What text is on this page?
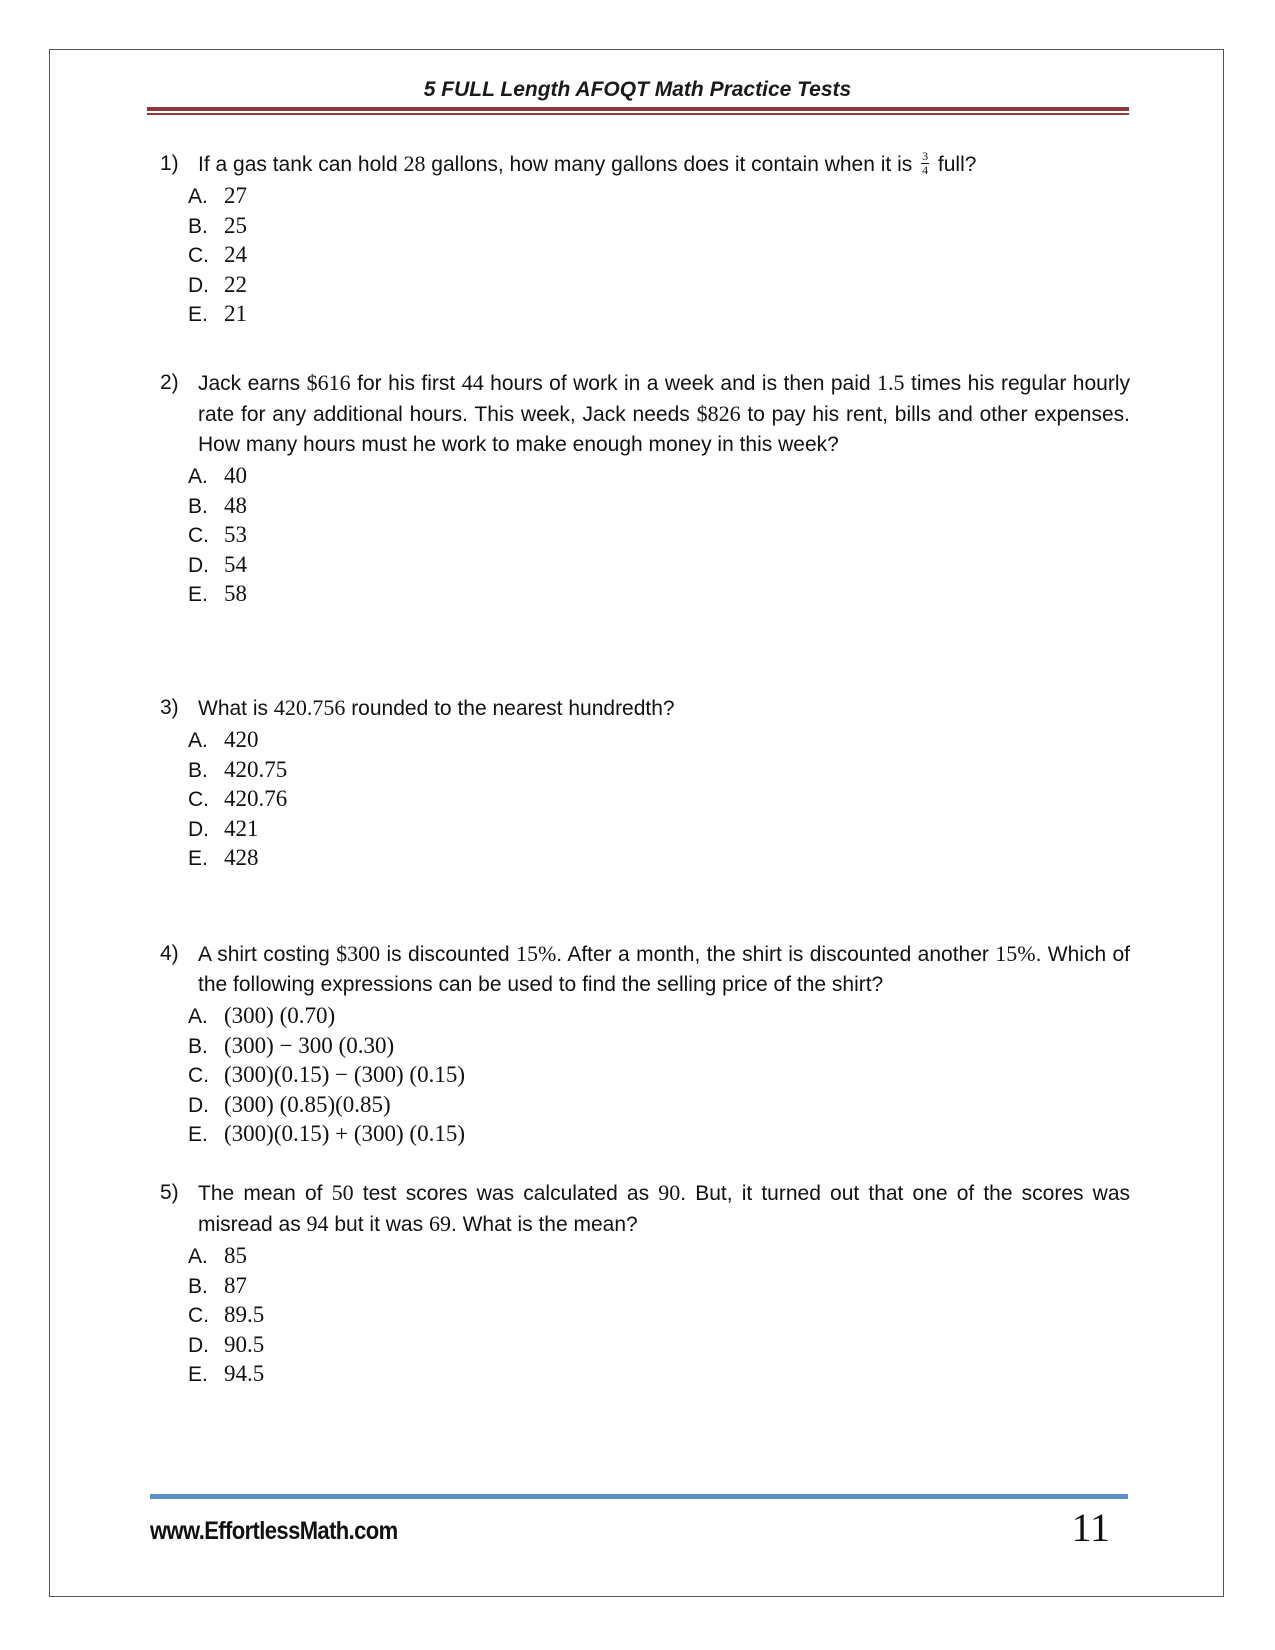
5 FULL Length AFOQT Math Practice Tests
1) If a gas tank can hold 28 gallons, how many gallons does it contain when it is $\frac{3}{4}$ full?
A. 27
B. 25
C. 24
D. 22
E. 21
2) Jack earns $616 for his first 44 hours of work in a week and is then paid 1.5 times his regular hourly rate for any additional hours. This week, Jack needs $826 to pay his rent, bills and other expenses. How many hours must he work to make enough money in this week?
A. 40
B. 48
C. 53
D. 54
E. 58
3) What is 420.756 rounded to the nearest hundredth?
A. 420
B. 420.75
C. 420.76
D. 421
E. 428
4) A shirt costing $300 is discounted 15%. After a month, the shirt is discounted another 15%. Which of the following expressions can be used to find the selling price of the shirt?
A. (300) (0.70)
B. (300) − 300 (0.30)
C. (300)(0.15) − (300) (0.15)
D. (300) (0.85)(0.85)
E. (300)(0.15) + (300) (0.15)
5) The mean of 50 test scores was calculated as 90. But, it turned out that one of the scores was misread as 94 but it was 69. What is the mean?
A. 85
B. 87
C. 89.5
D. 90.5
E. 94.5
www.EffortlessMath.com	11
